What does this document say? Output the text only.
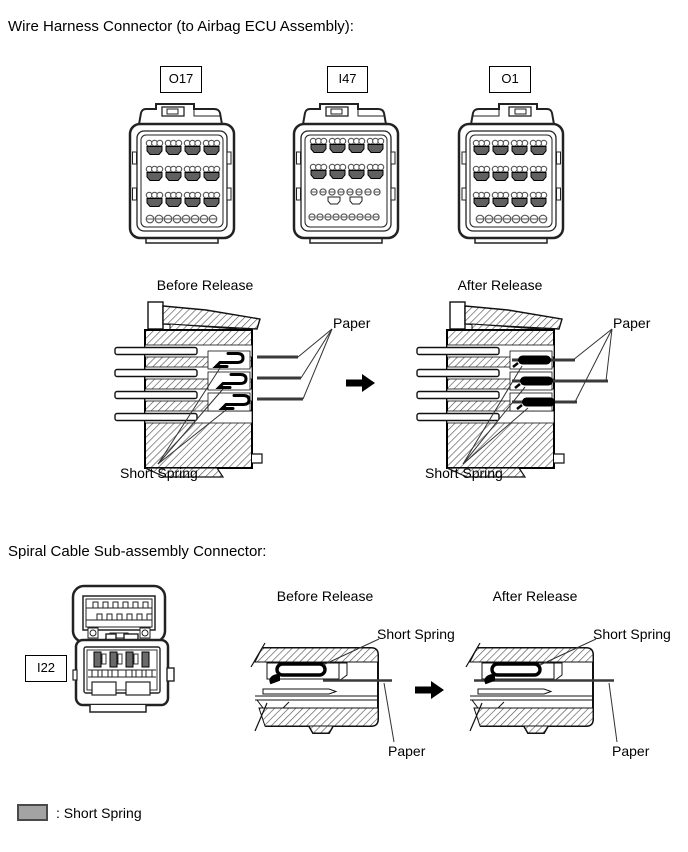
Wire Harness Connector (to Airbag ECU Assembly):
O17	I47	O1
Before Release	After Release
Paper	Paper
Short Spring	Short Spring
Spiral Cable Sub-assembly Connector:
I22
Before Release	After Release
Short Spring	Short Spring
Paper	Paper
: Short Spring
